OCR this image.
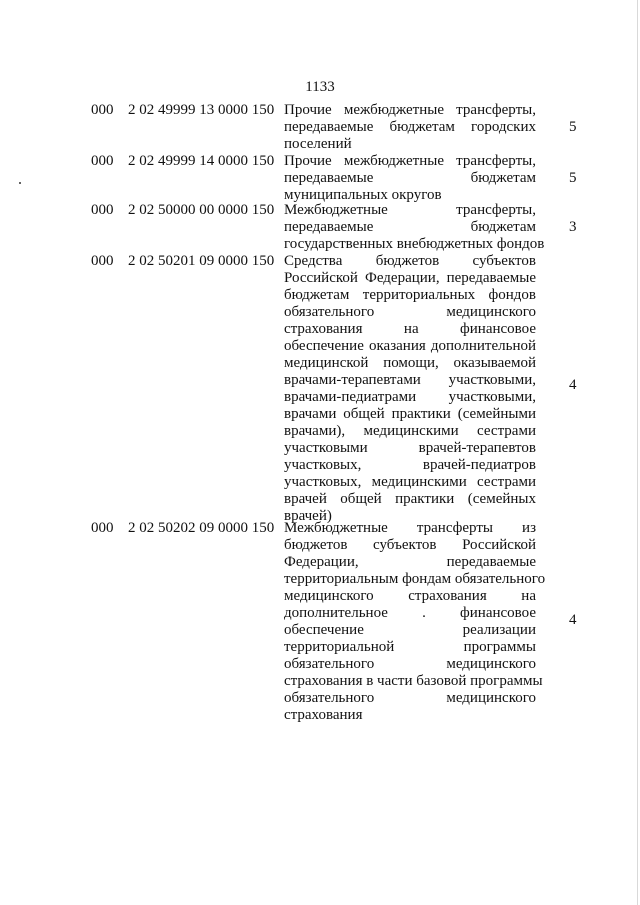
1133
000 2 02 49999 13 0000 150 Прочие межбюджетные трансферты,
передаваемые бюджетам городских
поселений
5
000 2 02 49999 14 0000 150 Прочие межбюджетные трансферты,
передаваемые бюджетам
муниципальных округов
5
000 2 02 50000 00 0000 150 Межбюджетные трансферты,
передаваемые бюджетам
государственных внебюджетных фондов
3
000 2 02 50201 09 0000 150 Средства бюджетов субъектов
Российской Федерации, передаваемые
бюджетам территориальных фондов
обязательного медицинского
страхования на финансовое
обеспечение оказания дополнительной
медицинской помощи, оказываемой
врачами-терапевтами участковыми,
врачами-педиатрами участковыми,
врачами общей практики (семейными
врачами), медицинскими сестрами
участковыми врачей-терапевтов
участковых, врачей-педиатров
участковых, медицинскими сестрами
врачей общей практики (семейных
врачей)
4
000 2 02 50202 09 0000 150 Межбюджетные трансферты из
бюджетов субъектов Российской
Федерации, передаваемые
территориальным фондам обязательного
медицинского страхования на
дополнительное . финансовое
обеспечение реализации
территориальной программы
обязательного медицинского
страхования в части базовой программы
обязательного медицинского
страхования
4
